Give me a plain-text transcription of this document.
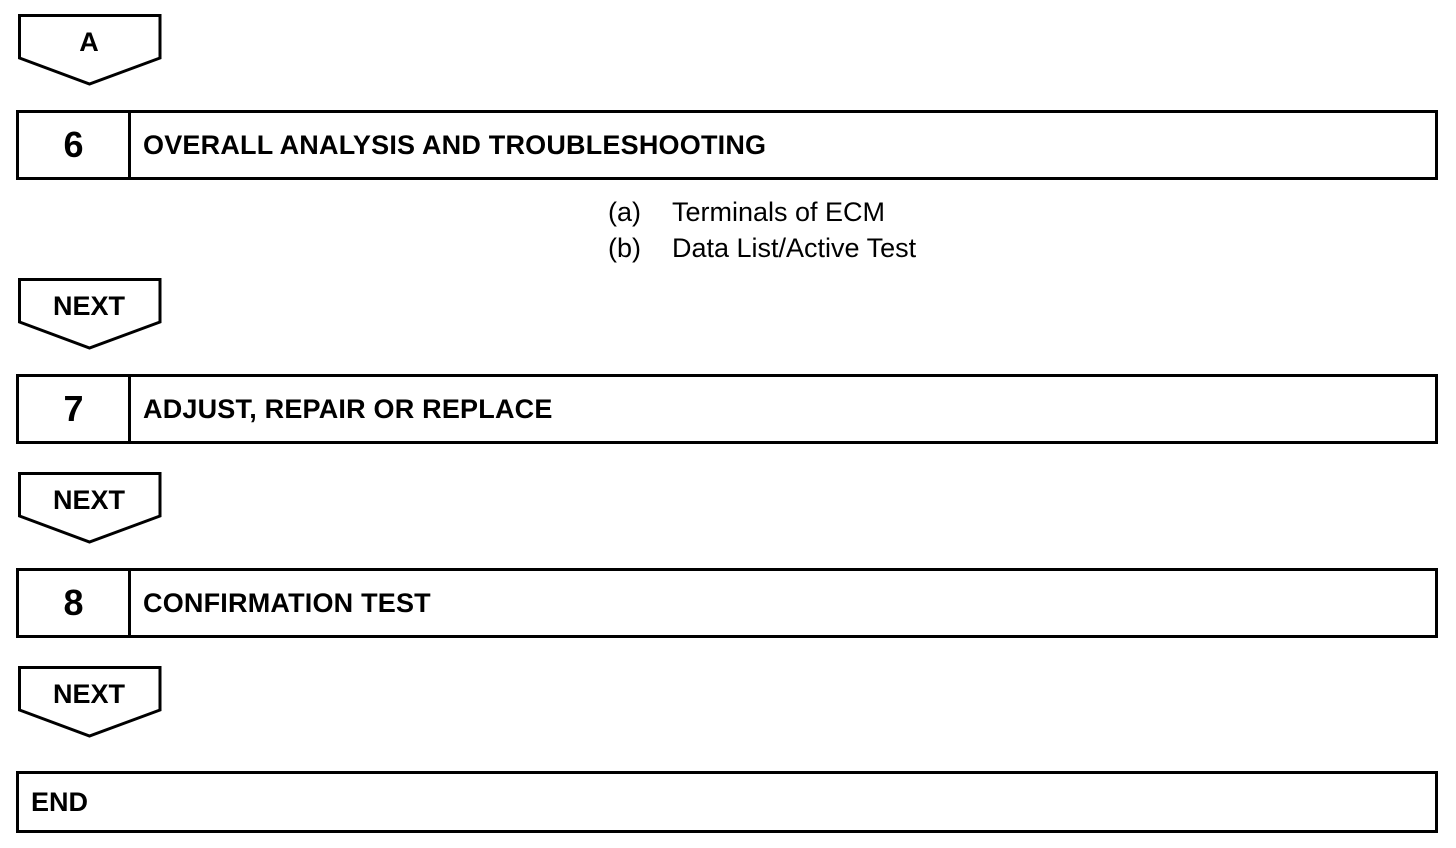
A
6	OVERALL ANALYSIS AND TROUBLESHOOTING
(a) Terminals of ECM
(b) Data List/Active Test
NEXT
7	ADJUST, REPAIR OR REPLACE
NEXT
8	CONFIRMATION TEST
NEXT
END
